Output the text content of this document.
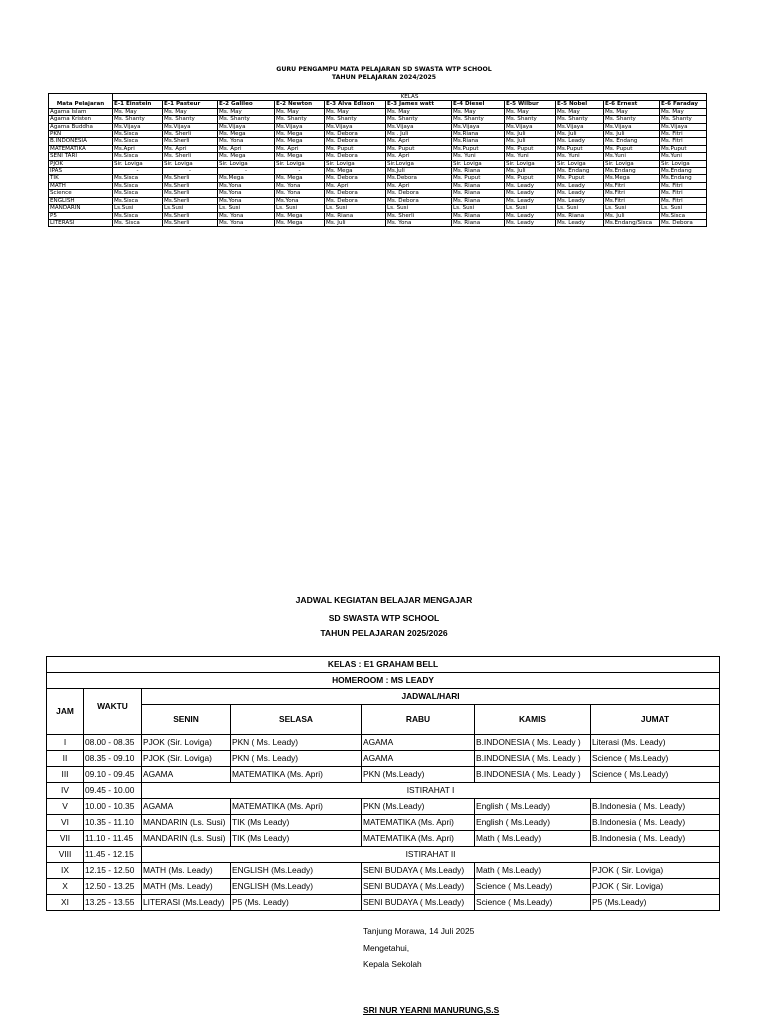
GURU PENGAMPU MATA PELAJARAN SD SWASTA WTP SCHOOL
TAHUN PELAJARAN 2024/2025
	KELAS										
Mata Pelajaran	E-1 Einstein	E-1 Pasteur	E-2 Galileo	E-2 Newton	E-3 Alva Edison	E-3 James watt	E-4 Diesel	E-5 Wilbur	E-5 Nobel	E-6 Ernest	E-6 Faraday
Agama Islam	Ms. May	Ms. May	Ms. May	Ms. May	Ms. May	Ms. May	Ms. May	Ms. May	Ms. May	Ms. May	Ms. May
Agama Kristen	Ms. Shanty	Ms. Shanty	Ms. Shanty	Ms. Shanty	Ms. Shanty	Ms. Shanty	Ms. Shanty	Ms. Shanty	Ms. Shanty	Ms. Shanty	Ms. Shanty
Agama Buddha	Ms.Vijaya	Ms.Vijaya	Ms.Vijaya	Ms.Vijaya	Ms.Vijaya	Ms.Vijaya	Ms.Vijaya	Ms.Vijaya	Ms.Vijaya	Ms.Vijaya	Ms.Vijaya
PKN	Ms.Sisca	Ms. Sherli	Ms. Mega	Ms. Mega	Ms. Debora	Ms . Juli	Ms.Riana	Ms. Juli	Ms. Juli	Ms. Juli	Ms. Fitri
B.INDONESIA	Ms.Sisca	Ms.Sherli	Ms. Yona	Ms. Mega	Ms. Debora	Ms. Apri	Ms.Riana	Ms. Juli	Ms. Leady	Ms. Endang	Ms. Fitri
MATEMATIKA	Ms.Apri	Ms. Apri	Ms. Apri	Ms. Apri	Ms. Puput	Ms. Puput	Ms.Puput	Ms. Puput	Ms.Puput	Ms. Puput	Ms.Puput
SENI TARI	Ms.Sisca	Ms. Sherli	Ms. Mega	Ms. Mega	Ms. Debora	Ms. Apri	Ms. Yuni	Ms. Yuni	Ms. Yuni	Ms.Yuni	Ms.Yuni
PJOK	Sir. Loviga	Sir. Loviga	Sir. Loviga	Sir. Loviga	Sir. Loviga	Sir.Loviga	Sir. Loviga	Sir. Loviga	Sir. Loviga	Sir. Loviga	Sir. Loviga
IPAS	-	-	-	-	Ms. Mega	Ms.Juli	Ms. Riana	Ms. Juli	Ms. Endang	Ms.Endang	Ms.Endang
TIK	Ms.Sisca	Ms.Sherli	Ms.Mega	Ms. Mega	Ms. Debora	Ms.Debora	Ms. Puput	Ms. Puput	Ms. Puput	Ms.Mega	Ms.Endang
MATH	Ms.Sisca	Ms.Sherli	Ms.Yona	Ms. Yona	Ms. Apri	Ms. Apri	Ms. Riana	Ms. Leady	Ms. Leady	Ms.Fitri	Ms. Fitri
Science	Ms.Sisca	Ms.Sherli	Ms.Yona	Ms. Yona	Ms. Debora	Ms. Debora	Ms. Riana	Ms. Leady	Ms. Leady	Ms.Fitri	Ms. Fitri
ENGLISH	Ms.Sisca	Ms.Sherli	Ms.Yona	Ms.Yona	Ms. Debora	Ms. Debora	Ms. Riana	Ms. Leady	Ms. Leady	Ms.Fitri	Ms. Fitri
MANDARIN	Ls.Susi	Ls.Susi	Ls. Susi	Ls. Susi	Ls. Susi	Ls. Susi	Ls. Susi	Ls. Susi	Ls. Susi	Ls. Susi	Ls. Susi
P5	Ms.Sisca	Ms.Sherli	Ms. Yona	Ms. Mega	Ms. Riana	Ms. Sherli	Ms. Riana	Ms. Leady	Ms. Riana	Ms. Juli	Ms.Sisca
LITERASI	Ms. Sisca	Ms.Sherli	Ms. Yona	Ms. Mega	Ms. Juli	Ms. Yona	Ms. Riana	Ms. Leady	Ms. Leady	Ms.Endang/Sisca	Ms. Debora
JADWAL KEGIATAN BELAJAR MENGAJAR
SD SWASTA WTP SCHOOL
TAHUN PELAJARAN 2025/2026
KELAS : E1 GRAHAM BELL						
HOMEROOM : MS LEADY						
JAM	WAKTU	JADWAL/HARI				
		SENIN	SELASA	RABU	KAMIS	JUMAT
I	08.00 - 08.35	PJOK (Sir. Loviga)	PKN ( Ms. Leady)	AGAMA	B.INDONESIA ( Ms. Leady )	Literasi (Ms. Leady)
II	08.35 - 09.10	PJOK (Sir. Loviga)	PKN ( Ms. Leady)	AGAMA	B.INDONESIA ( Ms. Leady )	Science ( Ms.Leady)
III	09.10 - 09.45	AGAMA	MATEMATIKA (Ms. Apri)	PKN (Ms.Leady)	B.INDONESIA ( Ms. Leady )	Science ( Ms.Leady)
IV	09.45 - 10.00	ISTIRAHAT I				
V	10.00 - 10.35	AGAMA	MATEMATIKA (Ms. Apri)	PKN (Ms.Leady)	English ( Ms.Leady)	B.Indonesia ( Ms. Leady)
VI	10.35 - 11.10	MANDARIN (Ls. Susi)	TIK (Ms Leady)	MATEMATIKA (Ms. Apri)	English ( Ms.Leady)	B.Indonesia ( Ms. Leady)
VII	11.10 - 11.45	MANDARIN (Ls. Susi)	TIK (Ms Leady)	MATEMATIKA (Ms. Apri)	Math ( Ms.Leady)	B.Indonesia ( Ms. Leady)
VIII	11.45 - 12.15	ISTIRAHAT II				
IX	12.15 - 12.50	MATH (Ms. Leady)	ENGLISH (Ms.Leady)	SENI BUDAYA ( Ms.Leady)	Math ( Ms.Leady)	PJOK ( Sir. Loviga)
X	12.50 - 13.25	MATH (Ms. Leady)	ENGLISH (Ms.Leady)	SENI BUDAYA ( Ms.Leady)	Science ( Ms.Leady)	PJOK ( Sir. Loviga)
XI	13.25 - 13.55	LITERASI (Ms.Leady)	P5 (Ms. Leady)	SENI BUDAYA ( Ms.Leady)	Science ( Ms.Leady)	P5 (Ms.Leady)
Tanjung Morawa, 14 Juli 2025
Mengetahui,
Kepala Sekolah
SRI NUR YEARNI MANURUNG,S.S
